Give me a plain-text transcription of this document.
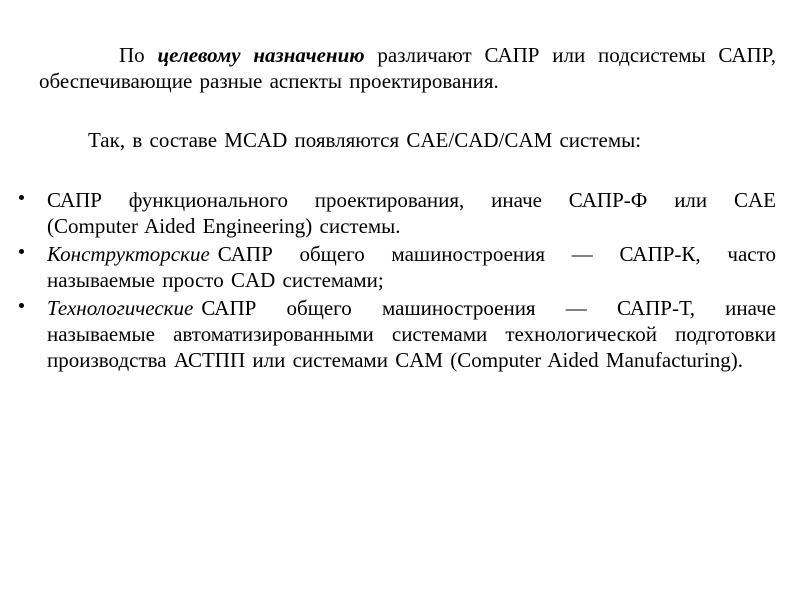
По целевому назначению различают САПР или подсистемы САПР,
обеспечивающие разные аспекты проектирования.
Так, в составе MCAD появляются CAE/CAD/CAM системы:
САПР функционального проектирования, иначе САПР-Ф или CAE
(Computer Aided Engineering) системы.
Конструкторские САПР общего машиностроения — САПР-К, часто
называемые просто CAD системами;
Технологические САПР общего машиностроения — САПР-Т, иначе
называемые автоматизированными системами технологической подготовки
производства АСТПП или системами CAM (Computer Aided Manufacturing).
